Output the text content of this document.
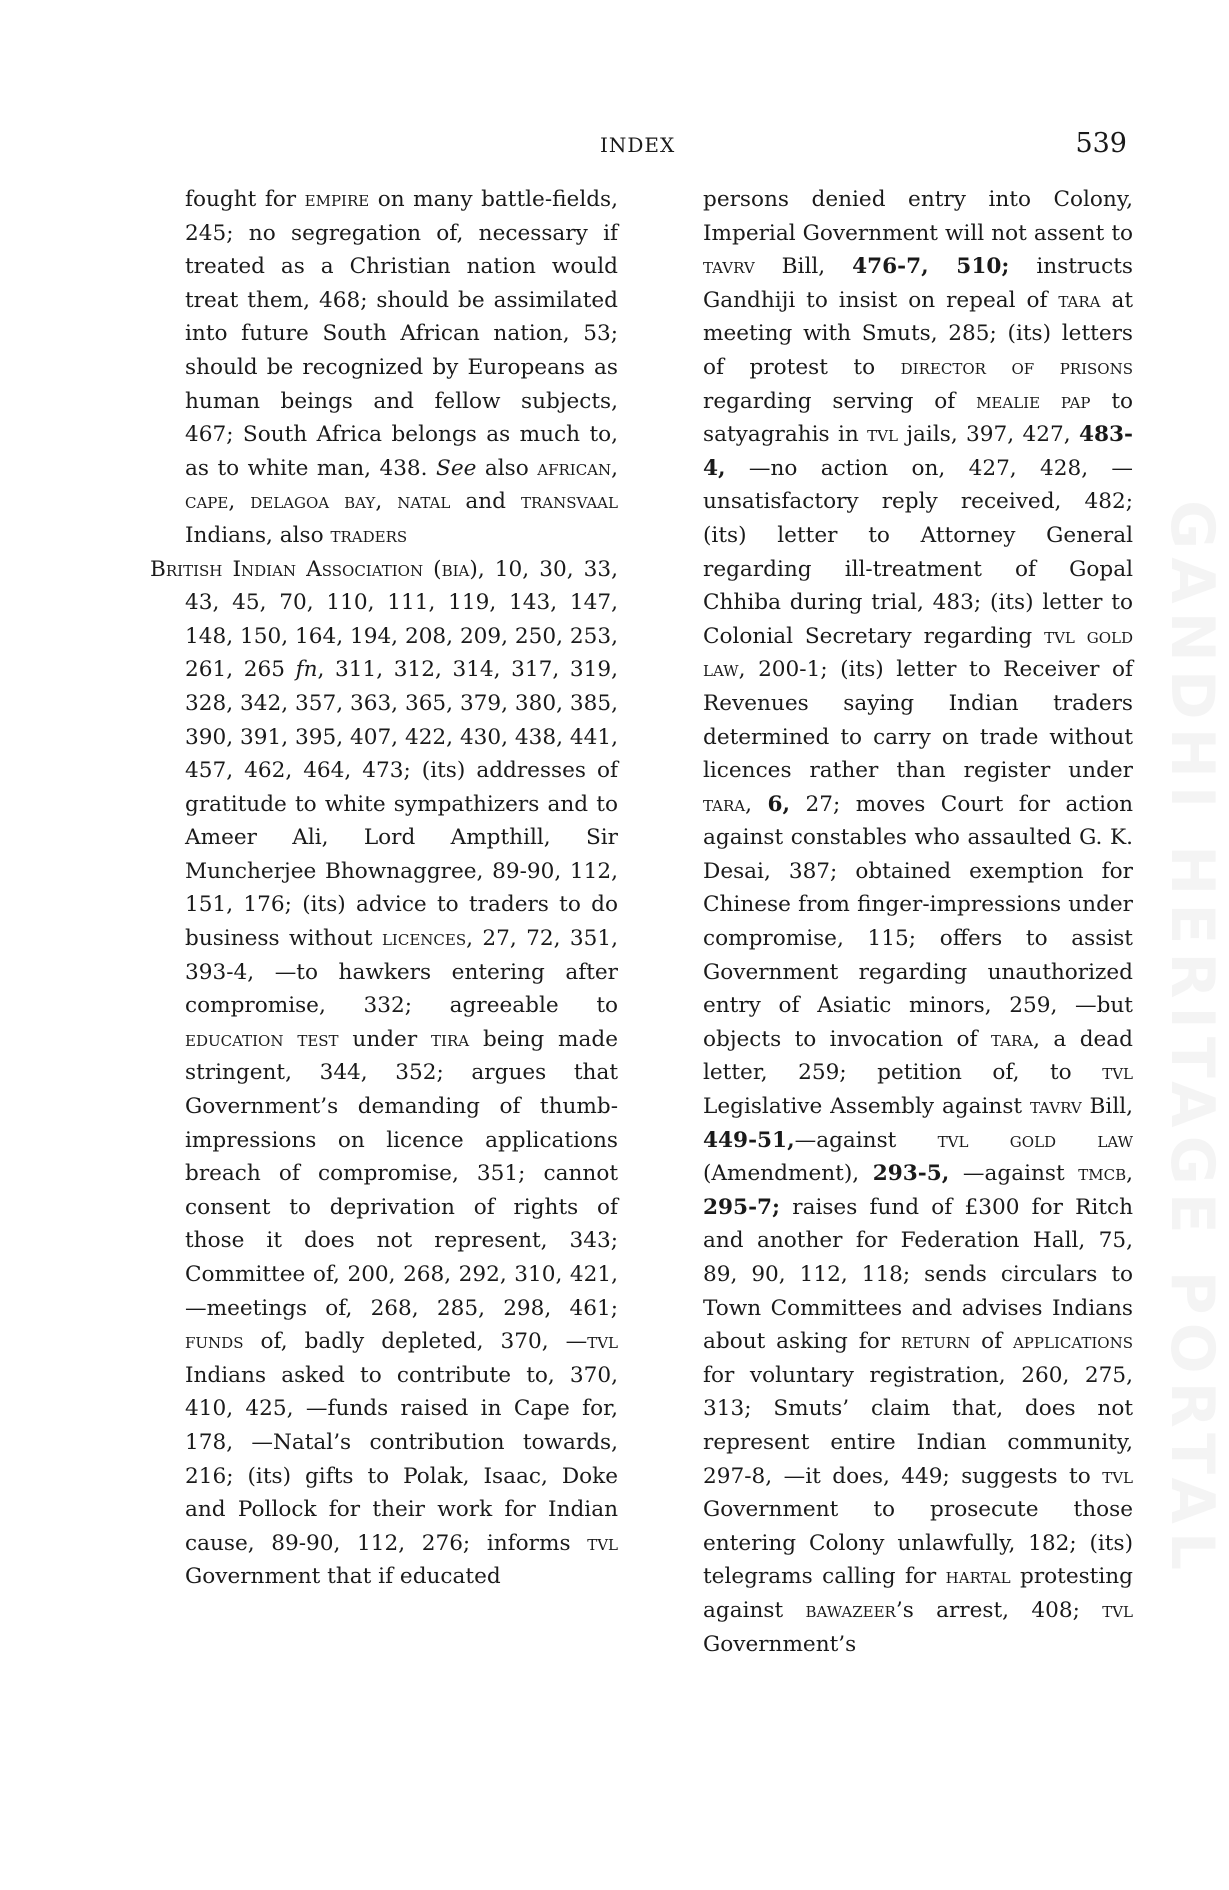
INDEX	539

fought for empire on many battle-fields, 245; no segregation of, necessary if treated as a Christian nation would treat them, 468; should be assimilated into future South African nation, 53; should be recognized by Europeans as human beings and fellow subjects, 467; South Africa belongs as much to, as to white man, 438. See also african, cape, delagoa bay, natal and transvaal Indians, also traders

British Indian Association (bia), 10, 30, 33, 43, 45, 70, 110, 111, 119, 143, 147, 148, 150, 164, 194, 208, 209, 250, 253, 261, 265 fn, 311, 312, 314, 317, 319, 328, 342, 357, 363, 365, 379, 380, 385, 390, 391, 395, 407, 422, 430, 438, 441, 457, 462, 464, 473; (its) addresses of gratitude to white sympathizers and to Ameer Ali, Lord Ampthill, Sir Muncherjee Bhownaggree, 89-90, 112, 151, 176; (its) advice to traders to do business without licences, 27, 72, 351, 393-4, —to hawkers entering after compromise, 332; agreeable to education test under tira being made stringent, 344, 352; argues that Government’s demanding of thumb-impressions on licence applications breach of compromise, 351; cannot consent to deprivation of rights of those it does not represent, 343; Committee of, 200, 268, 292, 310, 421, —meetings of, 268, 285, 298, 461; funds of, badly depleted, 370, —tvl Indians asked to contribute to, 370, 410, 425, —funds raised in Cape for, 178, —Natal’s contribution towards, 216; (its) gifts to Polak, Isaac, Doke and Pollock for their work for Indian cause, 89-90, 112, 276; informs tvl Government that if educated

persons denied entry into Colony, Imperial Government will not assent to tavrv Bill, 476-7, 510; instructs Gandhiji to insist on repeal of tara at meeting with Smuts, 285; (its) letters of protest to director of prisons regarding serving of mealie pap to satyagrahis in tvl jails, 397, 427, 483-4, —no action on, 427, 428, —unsatisfactory reply received, 482; (its) letter to Attorney General regarding ill-treatment of Gopal Chhiba during trial, 483; (its) letter to Colonial Secretary regarding tvl gold law, 200-1; (its) letter to Receiver of Revenues saying Indian traders determined to carry on trade without licences rather than register under tara, 6, 27; moves Court for action against constables who assaulted G. K. Desai, 387; obtained exemption for Chinese from finger-impressions under compromise, 115; offers to assist Government regarding unauthorized entry of Asiatic minors, 259, —but objects to invocation of tara, a dead letter, 259; petition of, to tvl Legislative Assembly against tavrv Bill, 449-51,—against tvl gold law (Amendment), 293-5, —against tmcb, 295-7; raises fund of £300 for Ritch and another for Federation Hall, 75, 89, 90, 112, 118; sends circulars to Town Committees and advises Indians about asking for return of applications for voluntary registration, 260, 275, 313; Smuts’ claim that, does not represent entire Indian community, 297-8, —it does, 449; suggests to tvl Government to prosecute those entering Colony unlawfully, 182; (its) telegrams calling for hartal protesting against bawazeer’s arrest, 408; tvl Government’s
